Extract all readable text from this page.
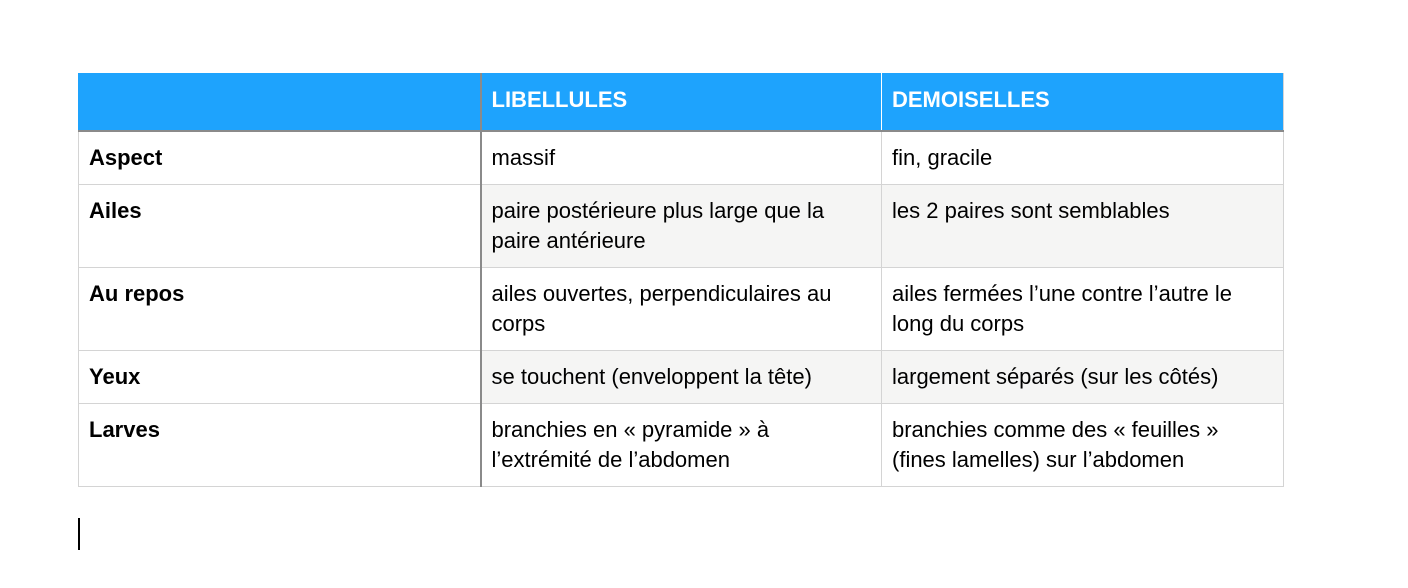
	LIBELLULES	DEMOISELLES
Aspect	massif	fin, gracile
Ailes	paire postérieure plus large que la paire antérieure	les 2 paires sont semblables
Au repos	ailes ouvertes, perpendiculaires au corps	ailes fermées l’une contre l’autre le long du corps
Yeux	se touchent (enveloppent la tête)	largement séparés (sur les côtés)
Larves	branchies en « pyramide » à l’extrémité de l’abdomen	branchies comme des « feuilles » (fines lamelles) sur l’abdomen
